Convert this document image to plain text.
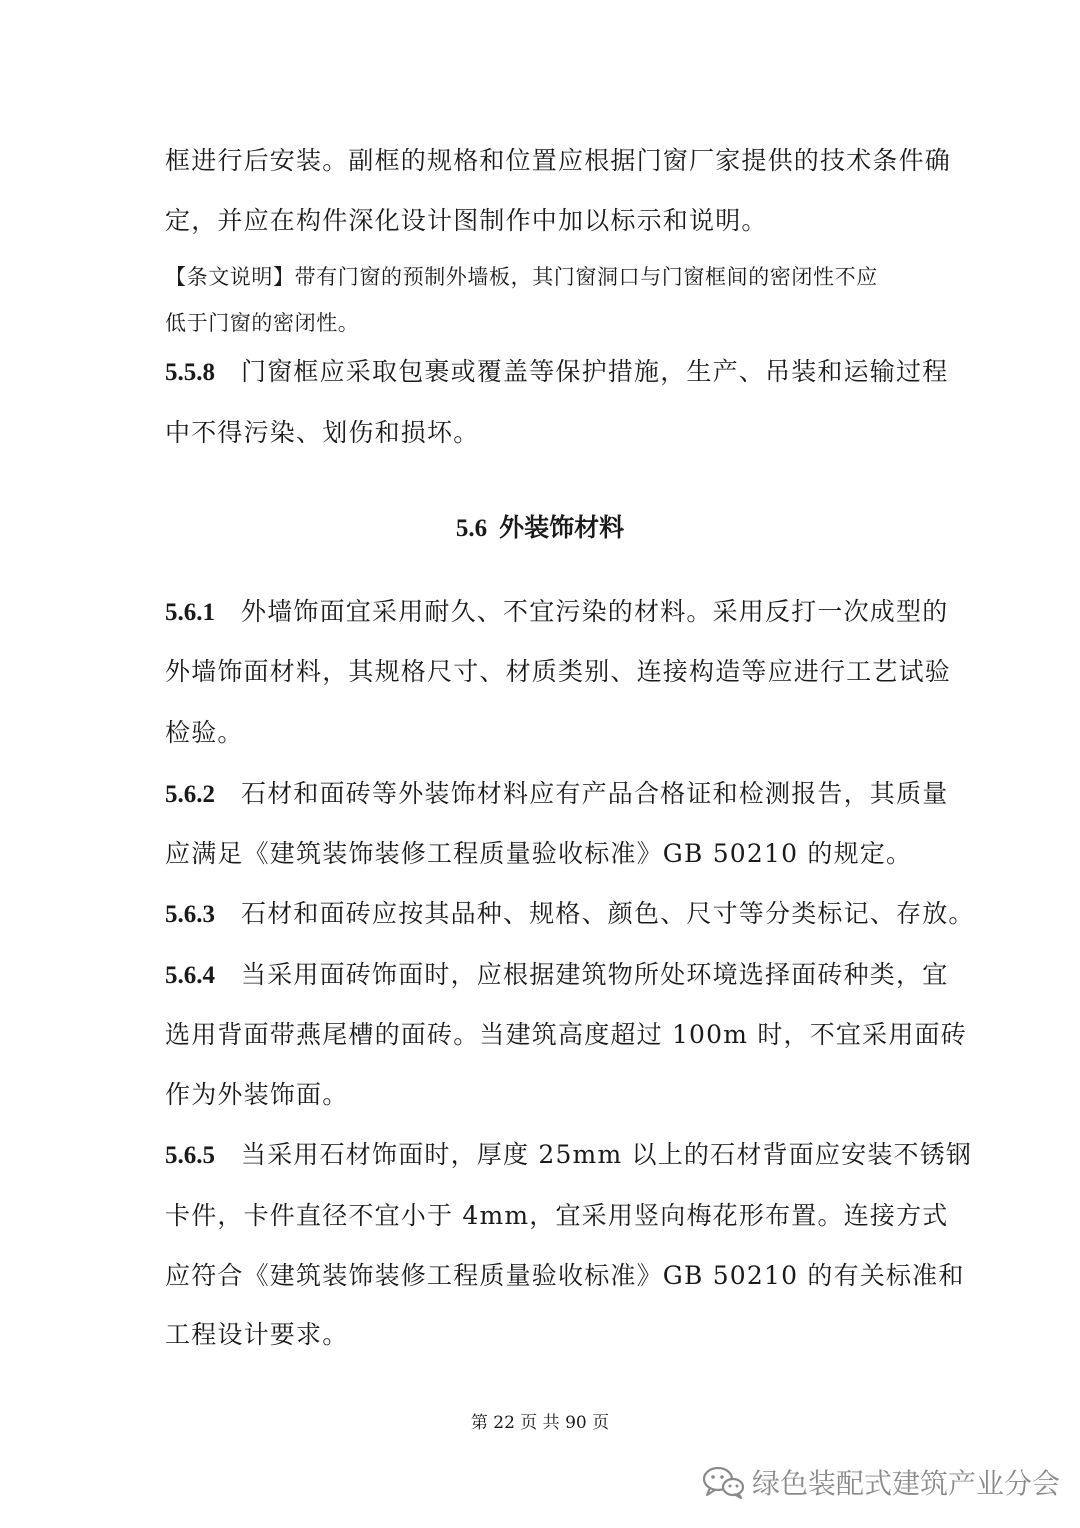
框进行后安装。副框的规格和位置应根据门窗厂家提供的技术条件确
定，并应在构件深化设计图制作中加以标示和说明。
【条文说明】带有门窗的预制外墙板，其门窗洞口与门窗框间的密闭性不应
低于门窗的密闭性。
5.5.8 门窗框应采取包裹或覆盖等保护措施，生产、吊装和运输过程
中不得污染、划伤和损坏。
5.6 外装饰材料
5.6.1 外墙饰面宜采用耐久、不宜污染的材料。采用反打一次成型的
外墙饰面材料，其规格尺寸、材质类别、连接构造等应进行工艺试验
检验。
5.6.2 石材和面砖等外装饰材料应有产品合格证和检测报告，其质量
应满足《建筑装饰装修工程质量验收标准》GB 50210 的规定。
5.6.3 石材和面砖应按其品种、规格、颜色、尺寸等分类标记、存放。
5.6.4 当采用面砖饰面时，应根据建筑物所处环境选择面砖种类，宜
选用背面带燕尾槽的面砖。当建筑高度超过 100m 时，不宜采用面砖
作为外装饰面。
5.6.5 当采用石材饰面时，厚度 25mm 以上的石材背面应安装不锈钢
卡件，卡件直径不宜小于 4mm，宜采用竖向梅花形布置。连接方式
应符合《建筑装饰装修工程质量验收标准》GB 50210 的有关标准和
工程设计要求。
第 22 页 共 90 页
绿色装配式建筑产业分会
